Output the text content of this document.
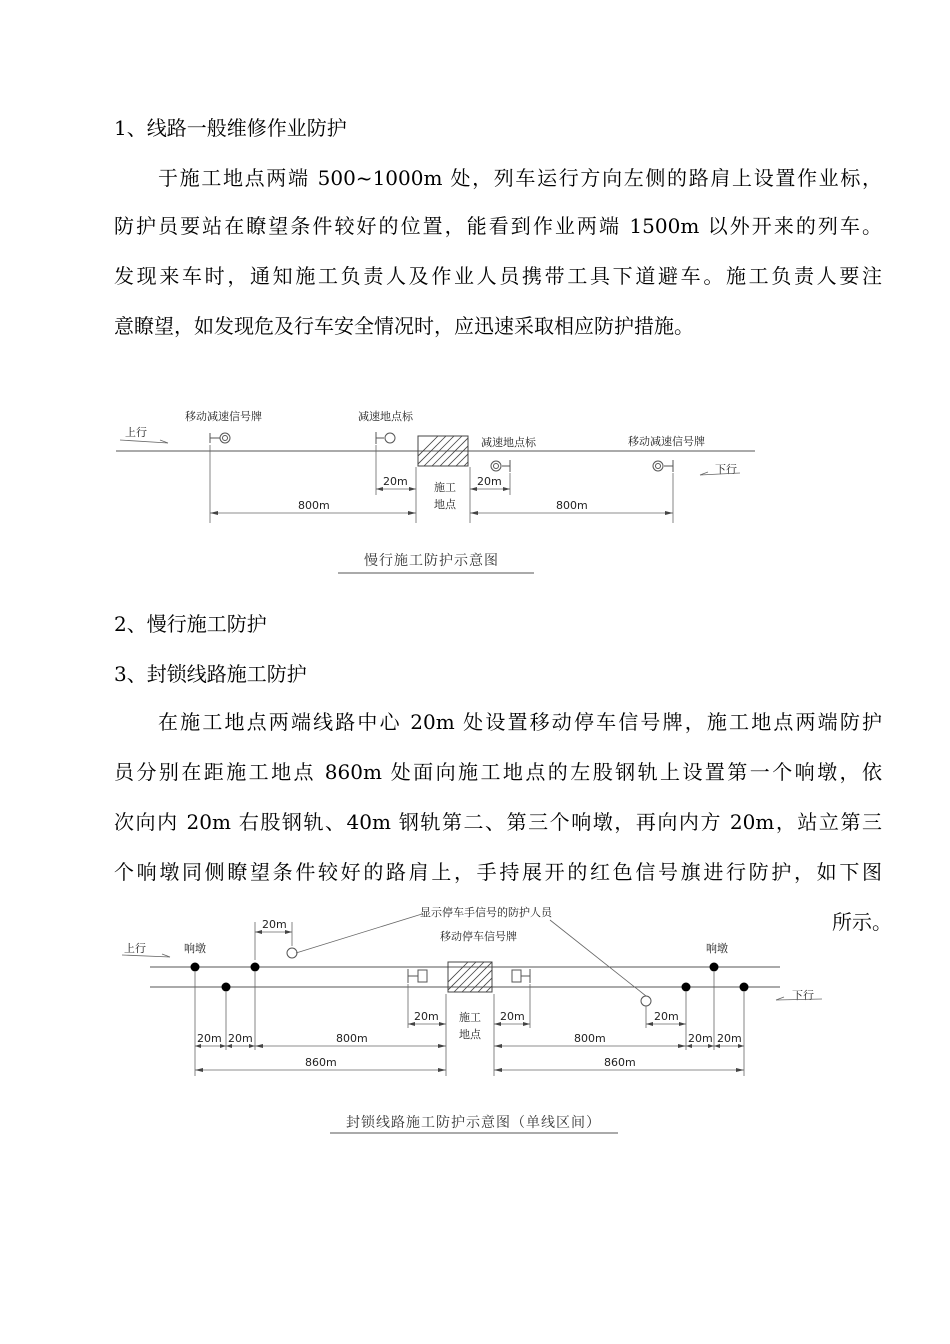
1、线路一般维修作业防护
于施工地点两端 500~1000m 处，列车运行方向左侧的路肩上设置作业标，
防护员要站在瞭望条件较好的位置，能看到作业两端 1500m 以外开来的列车。
发现来车时，通知施工负责人及作业人员携带工具下道避车。施工负责人要注
意瞭望，如发现危及行车安全情况时，应迅速采取相应防护措施。
上行
下行
移动减速信号牌	减速地点标
施工
地点
减速地点标	移动减速信号牌
20m	20m
800m	800m
慢行施工防护示意图
2、慢行施工防护
3、封锁线路施工防护
在施工地点两端线路中心 20m 处设置移动停车信号牌，施工地点两端防护
员分别在距施工地点 860m 处面向施工地点的左股钢轨上设置第一个响墩，依
次向内 20m 右股钢轨、40m 钢轨第二、第三个响墩，再向内方 20m，站立第三
个响墩同侧瞭望条件较好的路肩上，手持展开的红色信号旗进行防护，如下图
所示。
上行
下行
显示停车手信号的防护人员
移动停车信号牌
20m
响墩	响墩
施工
地点
20m	20m	20m
20m 20m	800m	800m	20m 20m
860m	860m
封锁线路施工防护示意图（单线区间）
